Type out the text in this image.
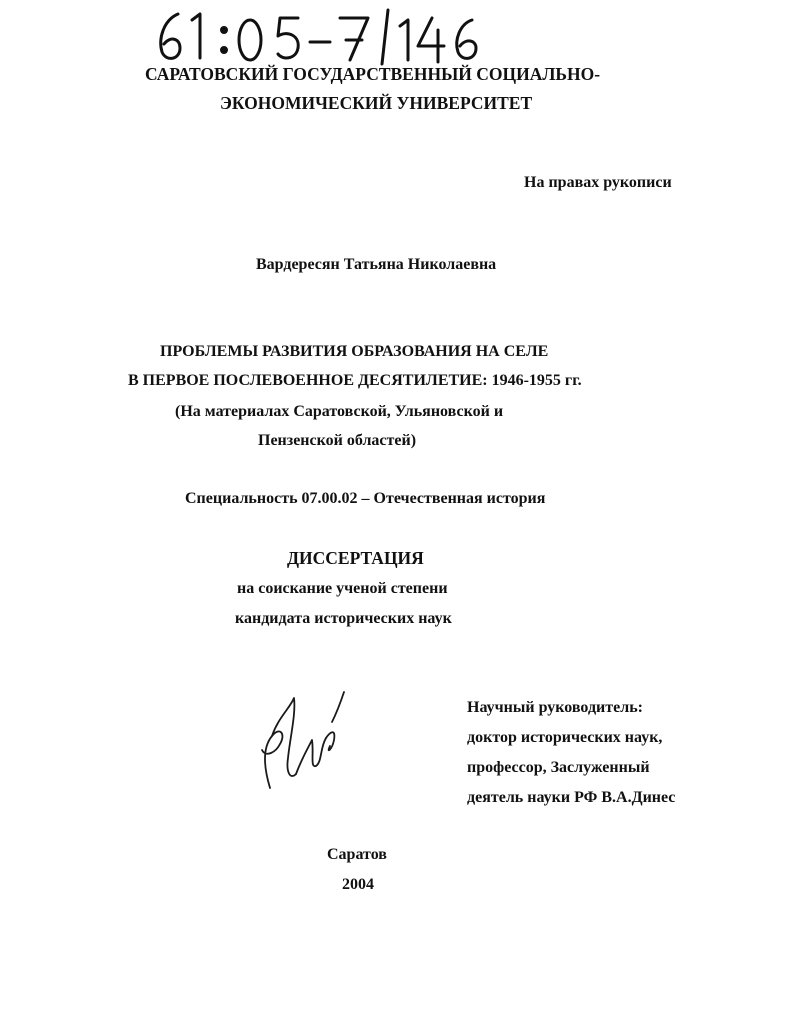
САРАТОВСКИЙ ГОСУДАРСТВЕННЫЙ СОЦИАЛЬНО-
ЭКОНОМИЧЕСКИЙ УНИВЕРСИТЕТ
На правах рукописи
Вардересян Татьяна Николаевна
ПРОБЛЕМЫ РАЗВИТИЯ ОБРАЗОВАНИЯ НА СЕЛЕ
В ПЕРВОЕ ПОСЛЕВОЕННОЕ ДЕСЯТИЛЕТИЕ: 1946-1955 гг.
(На материалах Саратовской, Ульяновской и
Пензенской областей)
Специальность 07.00.02 – Отечественная история
ДИССЕРТАЦИЯ
на соискание ученой степени
кандидата исторических наук
Научный руководитель:
доктор исторических наук,
профессор, Заслуженный
деятель науки РФ В.А.Динес
Саратов
2004
